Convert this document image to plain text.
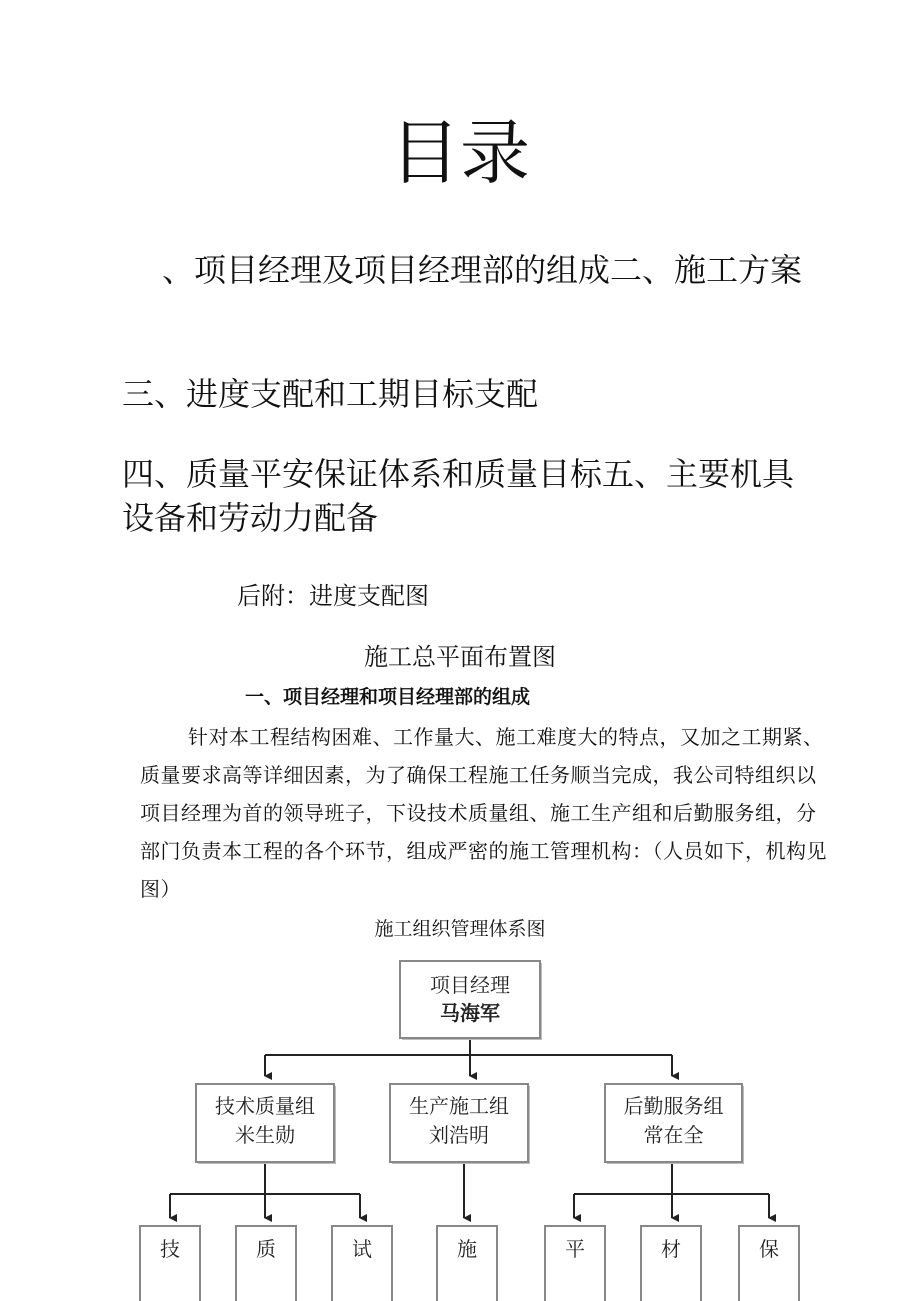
目录
、项目经理及项目经理部的组成二、施工方案
三、进度支配和工期目标支配
四、质量平安保证体系和质量目标五、主要机具设备和劳动力配备
后附：进度支配图
施工总平面布置图
一、项目经理和项目经理部的组成
针对本工程结构困难、工作量大、施工难度大的特点，又加之工期紧、质量要求高等详细因素，为了确保工程施工任务顺当完成，我公司特组织以项目经理为首的领导班子，下设技术质量组、施工生产组和后勤服务组，分部门负责本工程的各个环节，组成严密的施工管理机构：（人员如下，机构见图）
施工组织管理体系图
项目经理
马海军
技术质量组
米生勋
生产施工组
刘浩明
后勤服务组
常在全
技	质	试	施	平	材	保
